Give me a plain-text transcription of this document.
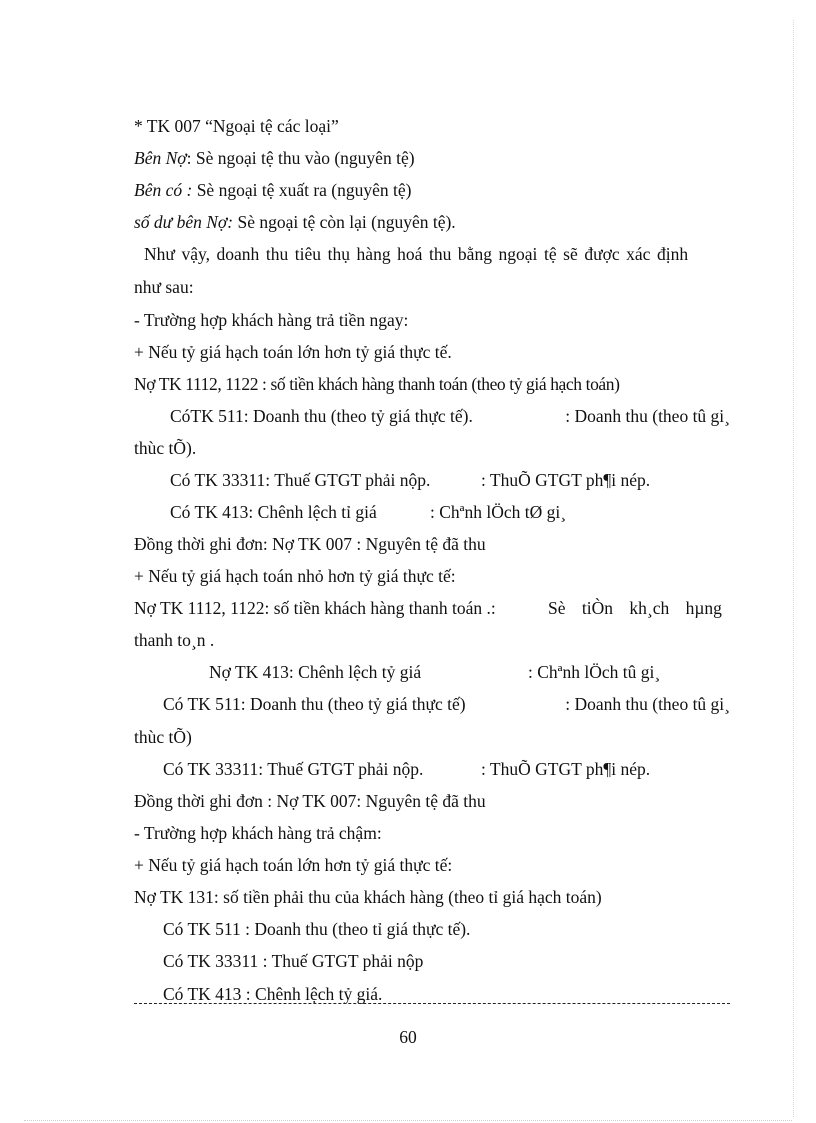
* TK 007 “Ngoại tệ các loại”
Bên Nợ: Sè ngoại tệ thu vào (nguyên tệ)
Bên có : Sè ngoại tệ xuất ra (nguyên tệ)
số dư bên Nợ: Sè ngoại tệ còn lại (nguyên tệ).
Như vậy, doanh thu tiêu thụ hàng hoá thu bằng ngoại tệ sẽ được xác định
như sau:
- Trường hợp khách hàng trả tiền ngay:
+ Nếu tỷ giá hạch toán lớn hơn tỷ giá thực tế.
Nợ TK 1112, 1122 : số tiền khách hàng thanh toán (theo tỷ giá hạch toán)
CóTK 511: Doanh thu (theo tỷ giá thực tế).	: Doanh thu (theo tû gi¸
thùc tÕ).
Có TK 33311: Thuế GTGT phải nộp.	: ThuÕ GTGT ph¶i nép.
Có TK 413: Chênh lệch tỉ giá	: Chªnh lÖch tØ gi¸
Đồng thời ghi đơn: Nợ TK 007 : Nguyên tệ đã thu
+ Nếu tỷ giá hạch toán nhỏ hơn tỷ giá thực tế:
Nợ TK 1112, 1122: số tiền khách hàng thanh toán .:	Sè tiÒn kh¸ch hµng
thanh to¸n .
Nợ TK 413: Chênh lệch tỷ giá	: Chªnh lÖch tû gi¸
Có TK 511: Doanh thu (theo tỷ giá thực tế)	: Doanh thu (theo tû gi¸
thùc tÕ)
Có TK 33311: Thuế GTGT phải nộp.	: ThuÕ GTGT ph¶i nép.
Đồng thời ghi đơn : Nợ TK 007: Nguyên tệ đã thu
- Trường hợp khách hàng trả chậm:
+ Nếu tỷ giá hạch toán lớn hơn tỷ giá thực tế:
Nợ TK 131: số tiền phải thu của khách hàng (theo tỉ giá hạch toán)
Có TK 511 : Doanh thu (theo tỉ giá thực tế).
Có TK 33311 : Thuế GTGT phải nộp
Có TK 413 : Chênh lệch tỷ giá.
60
